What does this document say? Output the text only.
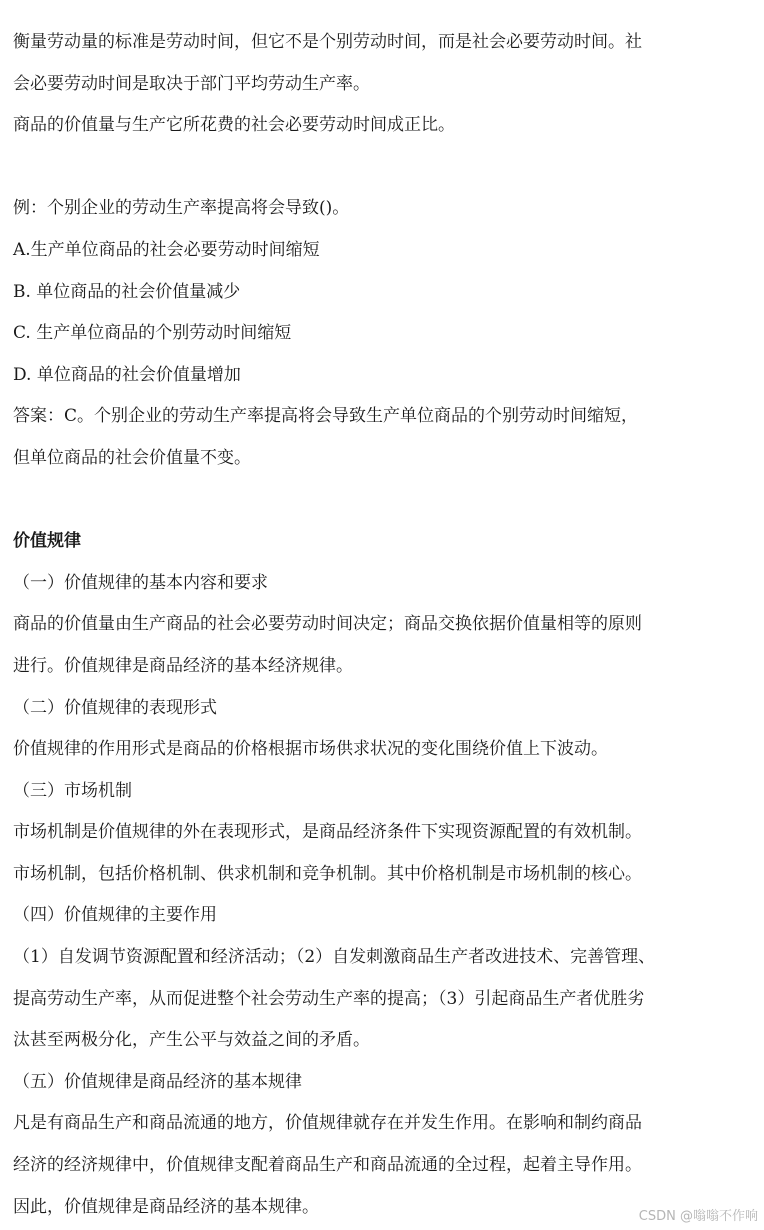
衡量劳动量的标准是劳动时间，但它不是个别劳动时间，而是社会必要劳动时间。社

会必要劳动时间是取决于部门平均劳动生产率。

商品的价值量与生产它所花费的社会必要劳动时间成正比。

例：个别企业的劳动生产率提高将会导致()。

A.生产单位商品的社会必要劳动时间缩短

B. 单位商品的社会价值量减少

C. 生产单位商品的个别劳动时间缩短

D. 单位商品的社会价值量增加

答案：C。个别企业的劳动生产率提高将会导致生产单位商品的个别劳动时间缩短，

但单位商品的社会价值量不变。

价值规律

（一）价值规律的基本内容和要求

商品的价值量由生产商品的社会必要劳动时间决定；商品交换依据价值量相等的原则

进行。价值规律是商品经济的基本经济规律。

（二）价值规律的表现形式

价值规律的作用形式是商品的价格根据市场供求状况的变化围绕价值上下波动。

（三）市场机制

市场机制是价值规律的外在表现形式，是商品经济条件下实现资源配置的有效机制。

市场机制，包括价格机制、供求机制和竞争机制。其中价格机制是市场机制的核心。

（四）价值规律的主要作用

（1）自发调节资源配置和经济活动；（2）自发刺激商品生产者改进技术、完善管理、

提高劳动生产率，从而促进整个社会劳动生产率的提高；（3）引起商品生产者优胜劣

汰甚至两极分化，产生公平与效益之间的矛盾。

（五）价值规律是商品经济的基本规律

凡是有商品生产和商品流通的地方，价值规律就存在并发生作用。在影响和制约商品

经济的经济规律中，价值规律支配着商品生产和商品流通的全过程，起着主导作用。

因此，价值规律是商品经济的基本规律。	CSDN @嗡嗡不作响
